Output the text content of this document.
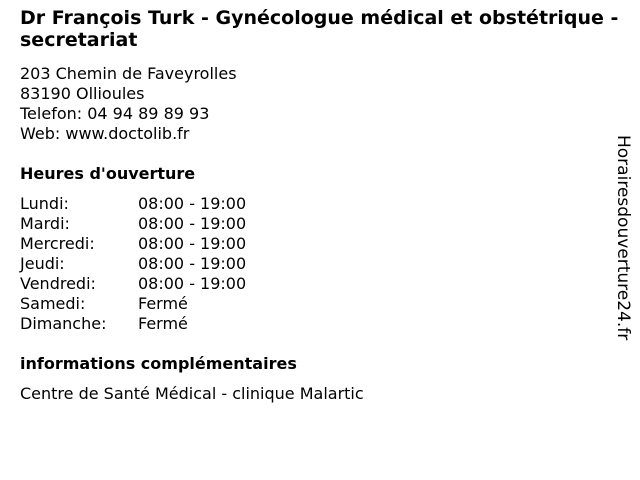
Dr François Turk - Gynécologue médical et obstétrique -secretariat
203 Chemin de Faveyrolles
83190 Ollioules
Telefon: 04 94 89 89 93
Web: www.doctolib.fr
Heures d'ouverture
Lundi:	08:00 - 19:00
Mardi:	08:00 - 19:00
Mercredi:	08:00 - 19:00
Jeudi:	08:00 - 19:00
Vendredi:	08:00 - 19:00
Samedi:	Fermé
Dimanche:	Fermé
informations complémentaires
Centre de Santé Médical - clinique Malartic
Horairesdouverture24.fr
